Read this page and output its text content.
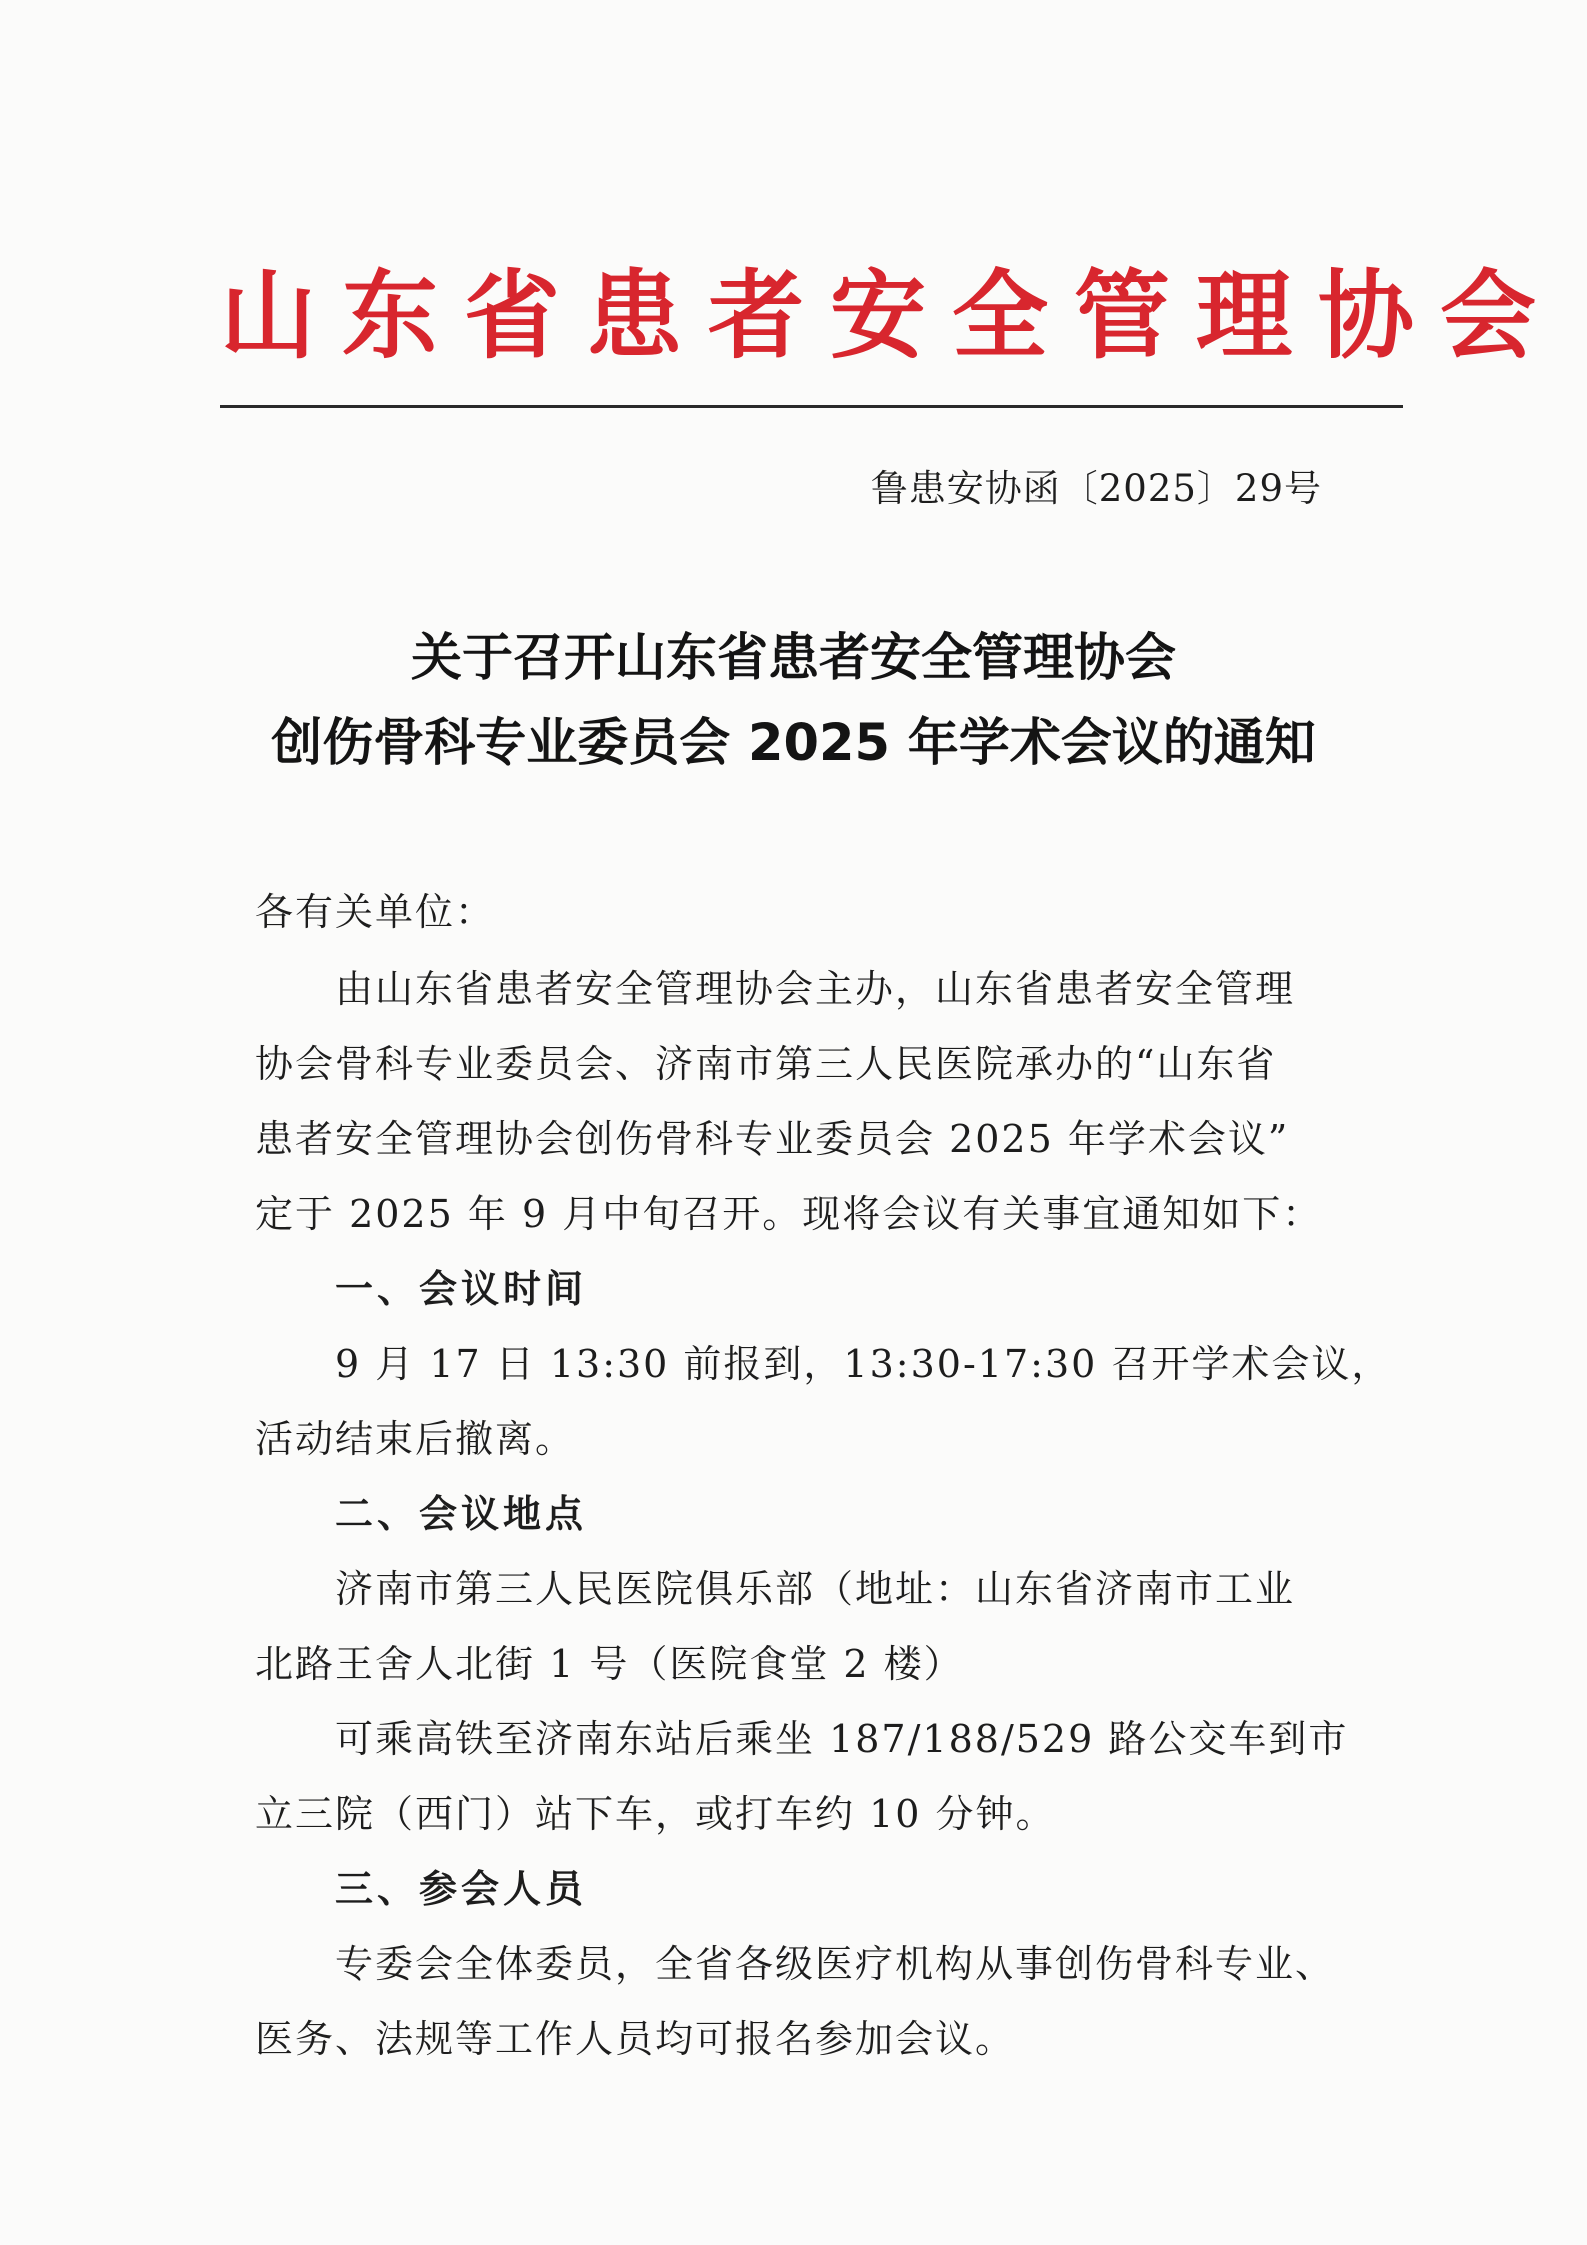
山东省患者安全管理协会
鲁患安协函〔2025〕29号
关于召开山东省患者安全管理协会
创伤骨科专业委员会 2025 年学术会议的通知
各有关单位：
由山东省患者安全管理协会主办，山东省患者安全管理
协会骨科专业委员会、济南市第三人民医院承办的“山东省
患者安全管理协会创伤骨科专业委员会 2025 年学术会议”
定于 2025 年 9 月中旬召开。现将会议有关事宜通知如下：
一、会议时间
9 月 17 日 13:30 前报到，13:30-17:30 召开学术会议，
活动结束后撤离。
二、会议地点
济南市第三人民医院俱乐部（地址：山东省济南市工业
北路王舍人北街 1 号（医院食堂 2 楼）
可乘高铁至济南东站后乘坐 187/188/529 路公交车到市
立三院（西门）站下车，或打车约 10 分钟。
三、参会人员
专委会全体委员，全省各级医疗机构从事创伤骨科专业、
医务、法规等工作人员均可报名参加会议。
